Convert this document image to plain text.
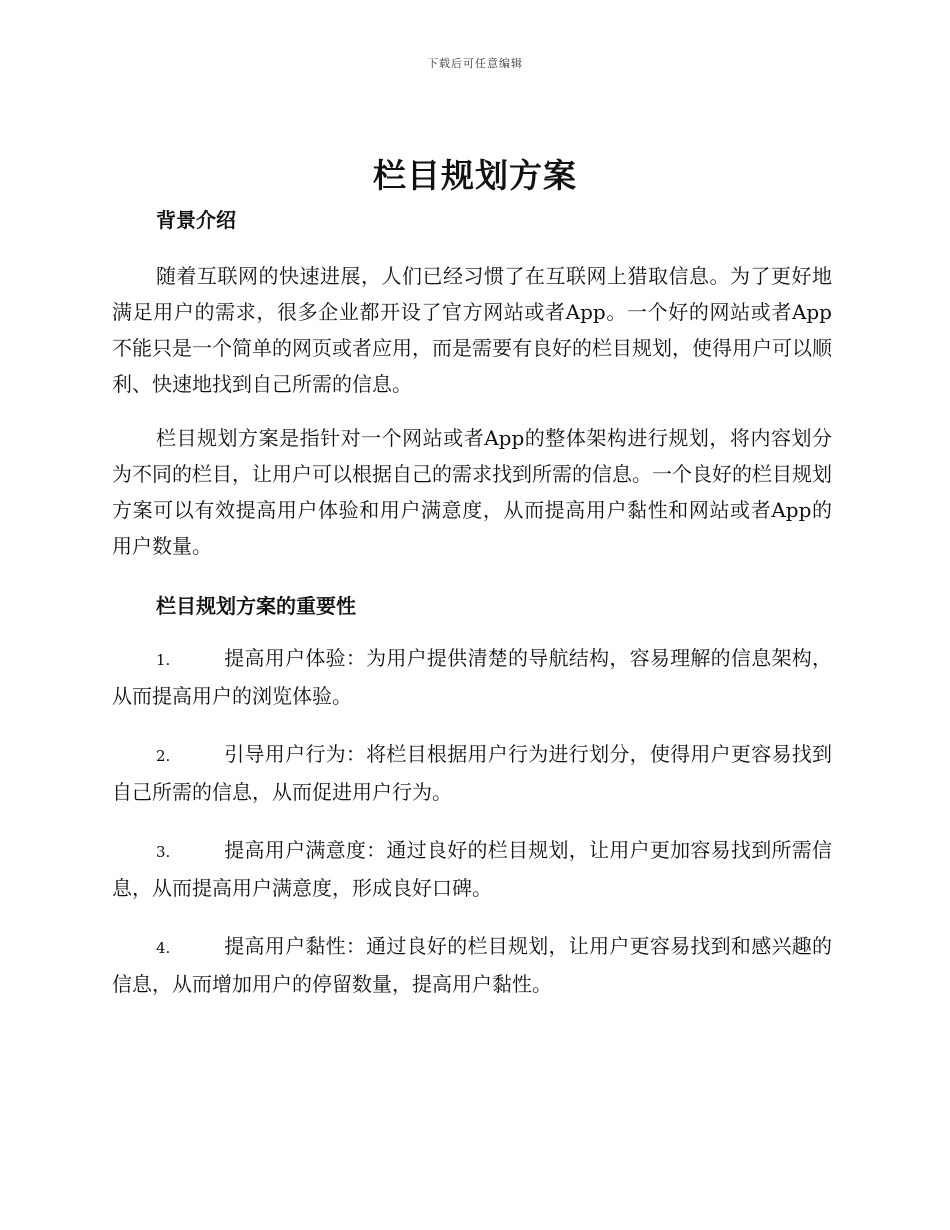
下载后可任意编辑
栏目规划方案
背景介绍

随着互联网的快速进展，人们已经习惯了在互联网上猎取信息。为了更好地满足用户的需求，很多企业都开设了官方网站或者App。一个好的网站或者App不能只是一个简单的网页或者应用，而是需要有良好的栏目规划，使得用户可以顺利、快速地找到自己所需的信息。

栏目规划方案是指针对一个网站或者App的整体架构进行规划，将内容划分为不同的栏目，让用户可以根据自己的需求找到所需的信息。一个良好的栏目规划方案可以有效提高用户体验和用户满意度，从而提高用户黏性和网站或者App的用户数量。

栏目规划方案的重要性

1.	提高用户体验：为用户提供清楚的导航结构，容易理解的信息架构，从而提高用户的浏览体验。

2.	引导用户行为：将栏目根据用户行为进行划分，使得用户更容易找到自己所需的信息，从而促进用户行为。

3.	提高用户满意度：通过良好的栏目规划，让用户更加容易找到所需信息，从而提高用户满意度，形成良好口碑。

4.	提高用户黏性：通过良好的栏目规划，让用户更容易找到和感兴趣的信息，从而增加用户的停留数量，提高用户黏性。
